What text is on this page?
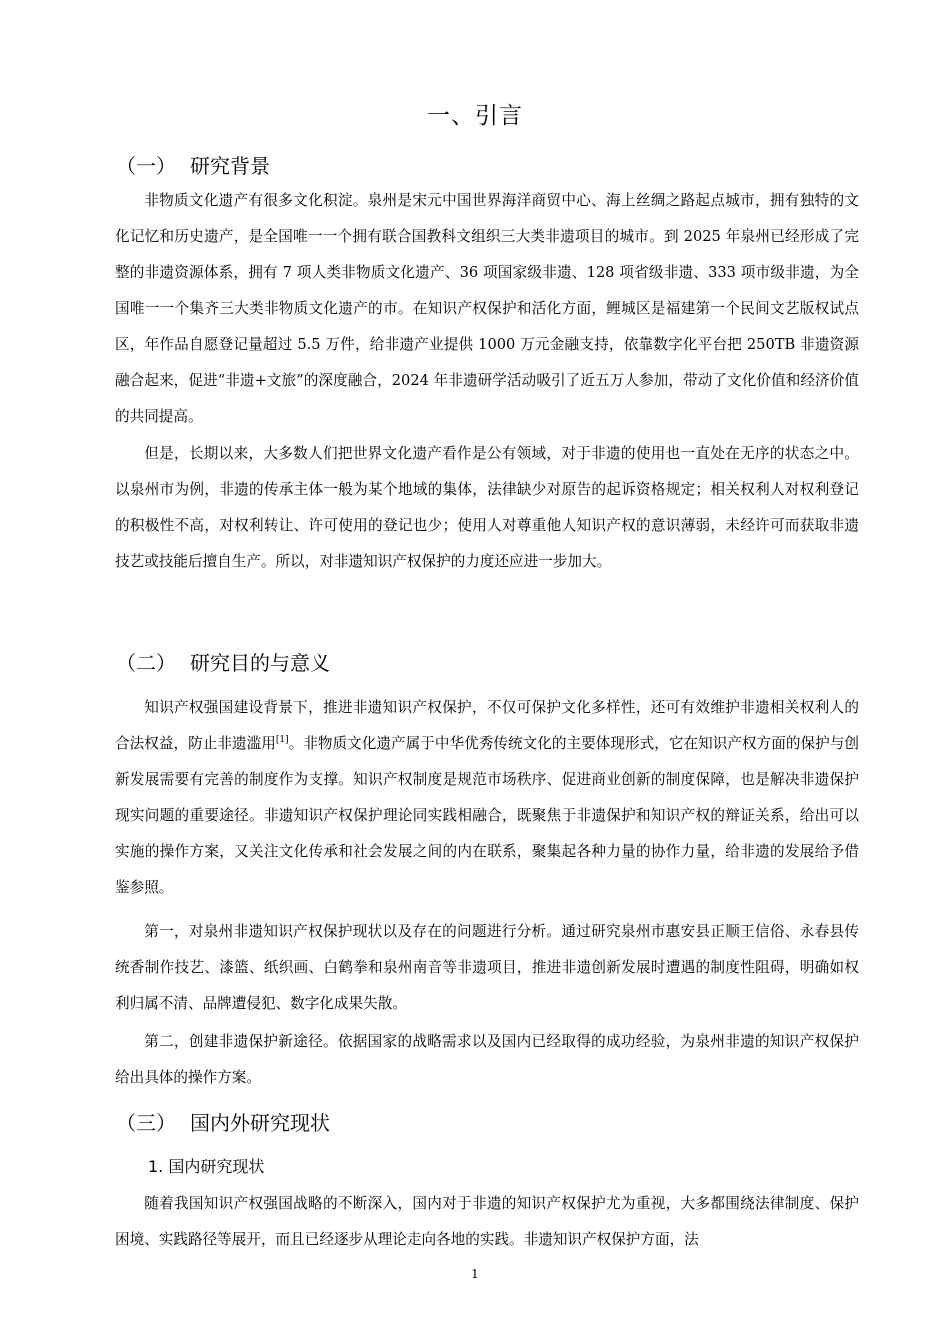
一、引言
（一） 研究背景

非物质文化遗产有很多文化积淀。泉州是宋元中国世界海洋商贸中心、海上丝绸之路起点城市，拥有独特的文化记忆和历史遗产，是全国唯一一个拥有联合国教科文组织三大类非遗项目的城市。到 2025 年泉州已经形成了完整的非遗资源体系，拥有 7 项人类非物质文化遗产、36 项国家级非遗、128 项省级非遗、333 项市级非遗，为全国唯一一个集齐三大类非物质文化遗产的市。在知识产权保护和活化方面，鲤城区是福建第一个民间文艺版权试点区，年作品自愿登记量超过 5.5 万件，给非遗产业提供 1000 万元金融支持，依靠数字化平台把 250TB 非遗资源融合起来，促进“非遗+文旅”的深度融合，2024 年非遗研学活动吸引了近五万人参加，带动了文化价值和经济价值的共同提高。

但是，长期以来，大多数人们把世界文化遗产看作是公有领域，对于非遗的使用也一直处在无序的状态之中。以泉州市为例，非遗的传承主体一般为某个地域的集体，法律缺少对原告的起诉资格规定；相关权利人对权利登记的积极性不高，对权利转让、许可使用的登记也少；使用人对尊重他人知识产权的意识薄弱，未经许可而获取非遗技艺或技能后擅自生产。所以，对非遗知识产权保护的力度还应进一步加大。

（二） 研究目的与意义

知识产权强国建设背景下，推进非遗知识产权保护，不仅可保护文化多样性，还可有效维护非遗相关权利人的合法权益，防止非遗滥用[1]。非物质文化遗产属于中华优秀传统文化的主要体现形式，它在知识产权方面的保护与创新发展需要有完善的制度作为支撑。知识产权制度是规范市场秩序、促进商业创新的制度保障，也是解决非遗保护现实问题的重要途径。非遗知识产权保护理论同实践相融合，既聚焦于非遗保护和知识产权的辩证关系，给出可以实施的操作方案，又关注文化传承和社会发展之间的内在联系，聚集起各种力量的协作力量，给非遗的发展给予借鉴参照。

第一，对泉州非遗知识产权保护现状以及存在的问题进行分析。通过研究泉州市惠安县正顺王信俗、永春县传统香制作技艺、漆篮、纸织画、白鹤拳和泉州南音等非遗项目，推进非遗创新发展时遭遇的制度性阻碍，明确如权利归属不清、品牌遭侵犯、数字化成果失散。

第二，创建非遗保护新途径。依据国家的战略需求以及国内已经取得的成功经验，为泉州非遗的知识产权保护给出具体的操作方案。

（三） 国内外研究现状
1. 国内研究现状

随着我国知识产权强国战略的不断深入，国内对于非遗的知识产权保护尤为重视，大多都围绕法律制度、保护困境、实践路径等展开，而且已经逐步从理论走向各地的实践。非遗知识产权保护方面，法

1
